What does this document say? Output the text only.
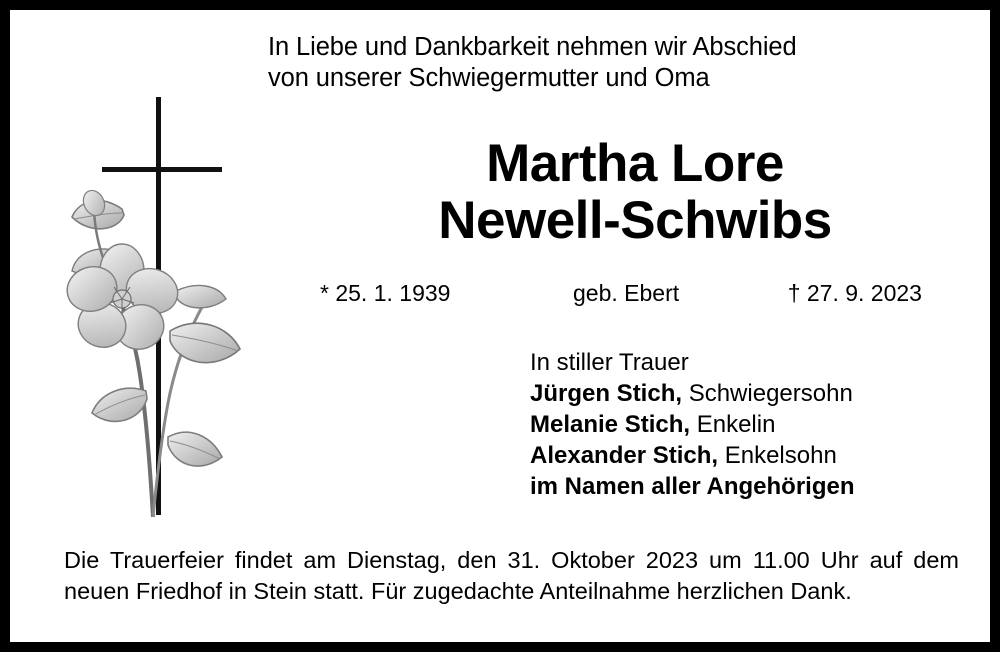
In Liebe und Dankbarkeit nehmen wir Abschied
von unserer Schwiegermutter und Oma
Martha Lore
Newell-Schwibs
* 25. 1. 1939	geb. Ebert	† 27. 9. 2023
In stiller Trauer
Jürgen Stich, Schwiegersohn
Melanie Stich, Enkelin
Alexander Stich, Enkelsohn
im Namen aller Angehörigen
Die Trauerfeier findet am Dienstag, den 31. Oktober 2023 um 11.00 Uhr auf dem neuen Friedhof in Stein statt. Für zugedachte Anteilnahme herzlichen Dank.
